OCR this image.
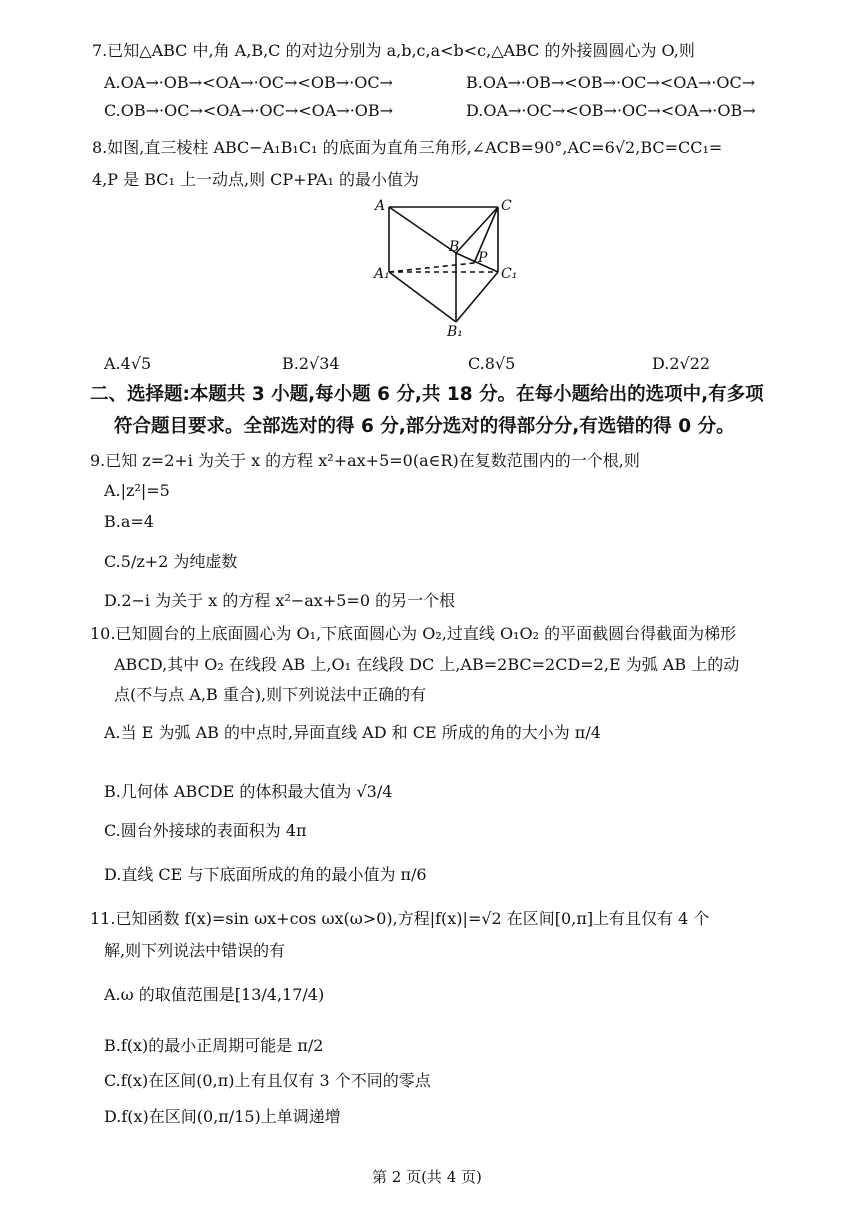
7.已知△ABC 中,角 A,B,C 的对边分别为 a,b,c,a<b<c,△ABC 的外接圆圆心为 O,则
A.OA→·OB→<OA→·OC→<OB→·OC→	B.OA→·OB→<OB→·OC→<OA→·OC→
C.OB→·OC→<OA→·OC→<OA→·OB→	D.OA→·OC→<OB→·OC→<OA→·OB→
8.如图,直三棱柱 ABC−A₁B₁C₁ 的底面为直角三角形,∠ACB=90°,AC=6√2,BC=CC₁=
4,P 是 BC₁ 上一动点,则 CP+PA₁ 的最小值为
A	C
B
P
A₁	C₁
B₁
A.4√5	B.2√34	C.8√5	D.2√22
二、选择题:本题共 3 小题,每小题 6 分,共 18 分。在每小题给出的选项中,有多项
符合题目要求。全部选对的得 6 分,部分选对的得部分分,有选错的得 0 分。
9.已知 z=2+i 为关于 x 的方程 x²+ax+5=0(a∈R)在复数范围内的一个根,则
A.|z²|=5
B.a=4
C.5/z+2 为纯虚数
D.2−i 为关于 x 的方程 x²−ax+5=0 的另一个根
10.已知圆台的上底面圆心为 O₁,下底面圆心为 O₂,过直线 O₁O₂ 的平面截圆台得截面为梯形
ABCD,其中 O₂ 在线段 AB 上,O₁ 在线段 DC 上,AB=2BC=2CD=2,E 为弧 AB 上的动
点(不与点 A,B 重合),则下列说法中正确的有
A.当 E 为弧 AB 的中点时,异面直线 AD 和 CE 所成的角的大小为 π/4
B.几何体 ABCDE 的体积最大值为 √3/4
C.圆台外接球的表面积为 4π
D.直线 CE 与下底面所成的角的最小值为 π/6
11.已知函数 f(x)=sin ωx+cos ωx(ω>0),方程|f(x)|=√2 在区间[0,π]上有且仅有 4 个
解,则下列说法中错误的有
A.ω 的取值范围是[13/4,17/4)
B.f(x)的最小正周期可能是 π/2
C.f(x)在区间(0,π)上有且仅有 3 个不同的零点
D.f(x)在区间(0,π/15)上单调递增
第 2 页(共 4 页)
